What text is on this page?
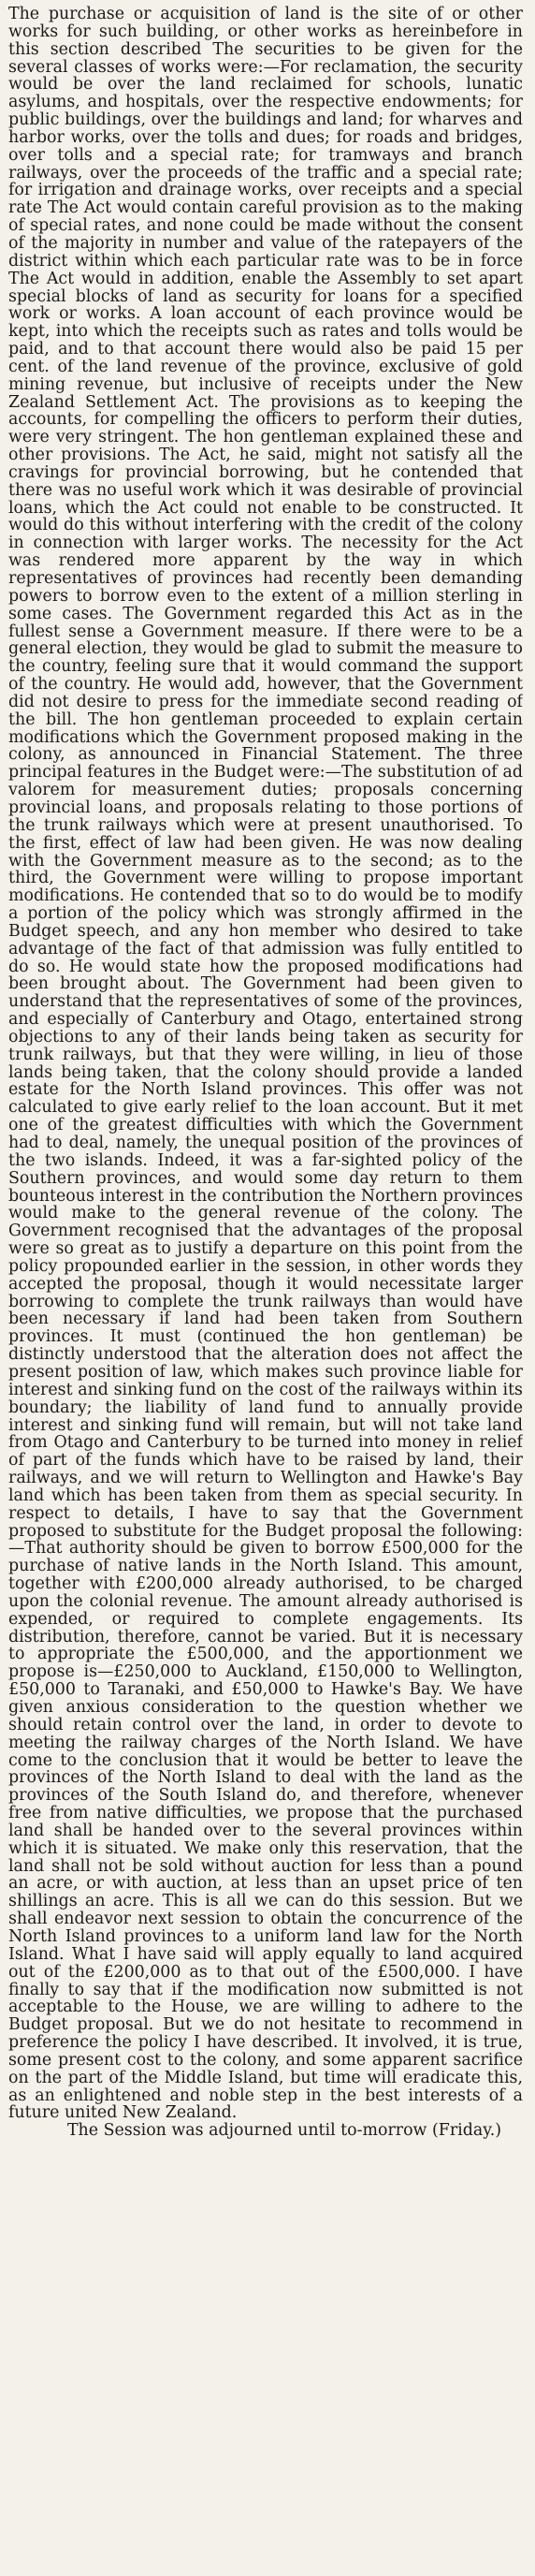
The purchase or acquisition of land is the site of or other works for such building, or other works as hereinbefore in this section described The securities to be given for the several classes of works were:—For reclamation, the security would be over the land reclaimed for schools, lunatic asylums, and hospitals, over the respective endowments; for public buildings, over the buildings and land; for wharves and harbor works, over the tolls and dues; for roads and bridges, over tolls and a special rate; for tramways and branch railways, over the proceeds of the traffic and a special rate; for irrigation and drainage works, over receipts and a special rate The Act would contain careful provision as to the making of special rates, and none could be made without the consent of the majority in number and value of the ratepayers of the district within which each particular rate was to be in force The Act would in addition, enable the Assembly to set apart special blocks of land as security for loans for a specified work or works. A loan account of each province would be kept, into which the receipts such as rates and tolls would be paid, and to that account there would also be paid 15 per cent. of the land revenue of the province, exclusive of gold mining revenue, but inclusive of receipts under the New Zealand Settlement Act. The provisions as to keeping the accounts, for compelling the officers to perform their duties, were very stringent. The hon gentleman explained these and other provisions. The Act, he said, might not satisfy all the cravings for provincial borrowing, but he contended that there was no useful work which it was desirable of provincial loans, which the Act could not enable to be constructed. It would do this without interfering with the credit of the colony in connection with larger works. The necessity for the Act was rendered more apparent by the way in which representatives of provinces had recently been demanding powers to borrow even to the extent of a million sterling in some cases. The Government regarded this Act as in the fullest sense a Government measure. If there were to be a general election, they would be glad to submit the measure to the country, feeling sure that it would command the support of the country. He would add, however, that the Government did not desire to press for the immediate second reading of the bill. The hon gentleman proceeded to explain certain modifications which the Government proposed making in the colony, as announced in Financial Statement. The three principal features in the Budget were:—The substitution of ad valorem for measurement duties; proposals concerning provincial loans, and proposals relating to those portions of the trunk railways which were at present unauthorised. To the first, effect of law had been given. He was now dealing with the Government measure as to the second; as to the third, the Government were willing to propose important modifications. He contended that so to do would be to modify a portion of the policy which was strongly affirmed in the Budget speech, and any hon member who desired to take advantage of the fact of that admission was fully entitled to do so. He would state how the proposed modifications had been brought about. The Government had been given to understand that the representatives of some of the provinces, and especially of Canterbury and Otago, entertained strong objections to any of their lands being taken as security for trunk railways, but that they were willing, in lieu of those lands being taken, that the colony should provide a landed estate for the North Island provinces. This offer was not calculated to give early relief to the loan account. But it met one of the greatest difficulties with which the Government had to deal, namely, the unequal position of the provinces of the two islands. Indeed, it was a far-sighted policy of the Southern provinces, and would some day return to them bounteous interest in the contribution the Northern provinces would make to the general revenue of the colony. The Government recognised that the advantages of the proposal were so great as to justify a departure on this point from the policy propounded earlier in the session, in other words they accepted the proposal, though it would necessitate larger borrowing to complete the trunk railways than would have been necessary if land had been taken from Southern provinces. It must (continued the hon gentleman) be distinctly understood that the alteration does not affect the present position of law, which makes such province liable for interest and sinking fund on the cost of the railways within its boundary; the liability of land fund to annually provide interest and sinking fund will remain, but will not take land from Otago and Canterbury to be turned into money in relief of part of the funds which have to be raised by land, their railways, and we will return to Wellington and Hawke's Bay land which has been taken from them as special security. In respect to details, I have to say that the Government proposed to substitute for the Budget proposal the following:—That authority should be given to borrow £500,000 for the purchase of native lands in the North Island. This amount, together with £200,000 already authorised, to be charged upon the colonial revenue. The amount already authorised is expended, or required to complete engagements. Its distribution, therefore, cannot be varied. But it is necessary to appropriate the £500,000, and the apportionment we propose is—£250,000 to Auckland, £150,000 to Wellington, £50,000 to Taranaki, and £50,000 to Hawke's Bay. We have given anxious consideration to the question whether we should retain control over the land, in order to devote to meeting the railway charges of the North Island. We have come to the conclusion that it would be better to leave the provinces of the North Island to deal with the land as the provinces of the South Island do, and therefore, whenever free from native difficulties, we propose that the purchased land shall be handed over to the several provinces within which it is situated. We make only this reservation, that the land shall not be sold without auction for less than a pound an acre, or with auction, at less than an upset price of ten shillings an acre. This is all we can do this session. But we shall endeavor next session to obtain the concurrence of the North Island provinces to a uniform land law for the North Island. What I have said will apply equally to land acquired out of the £200,000 as to that out of the £500,000. I have finally to say that if the modification now submitted is not acceptable to the House, we are willing to adhere to the Budget proposal. But we do not hesitate to recommend in preference the policy I have described. It involved, it is true, some present cost to the colony, and some apparent sacrifice on the part of the Middle Island, but time will eradicate this, as an enlightened and noble step in the best interests of a future united New Zealand.

The Session was adjourned until to-morrow (Friday.)
